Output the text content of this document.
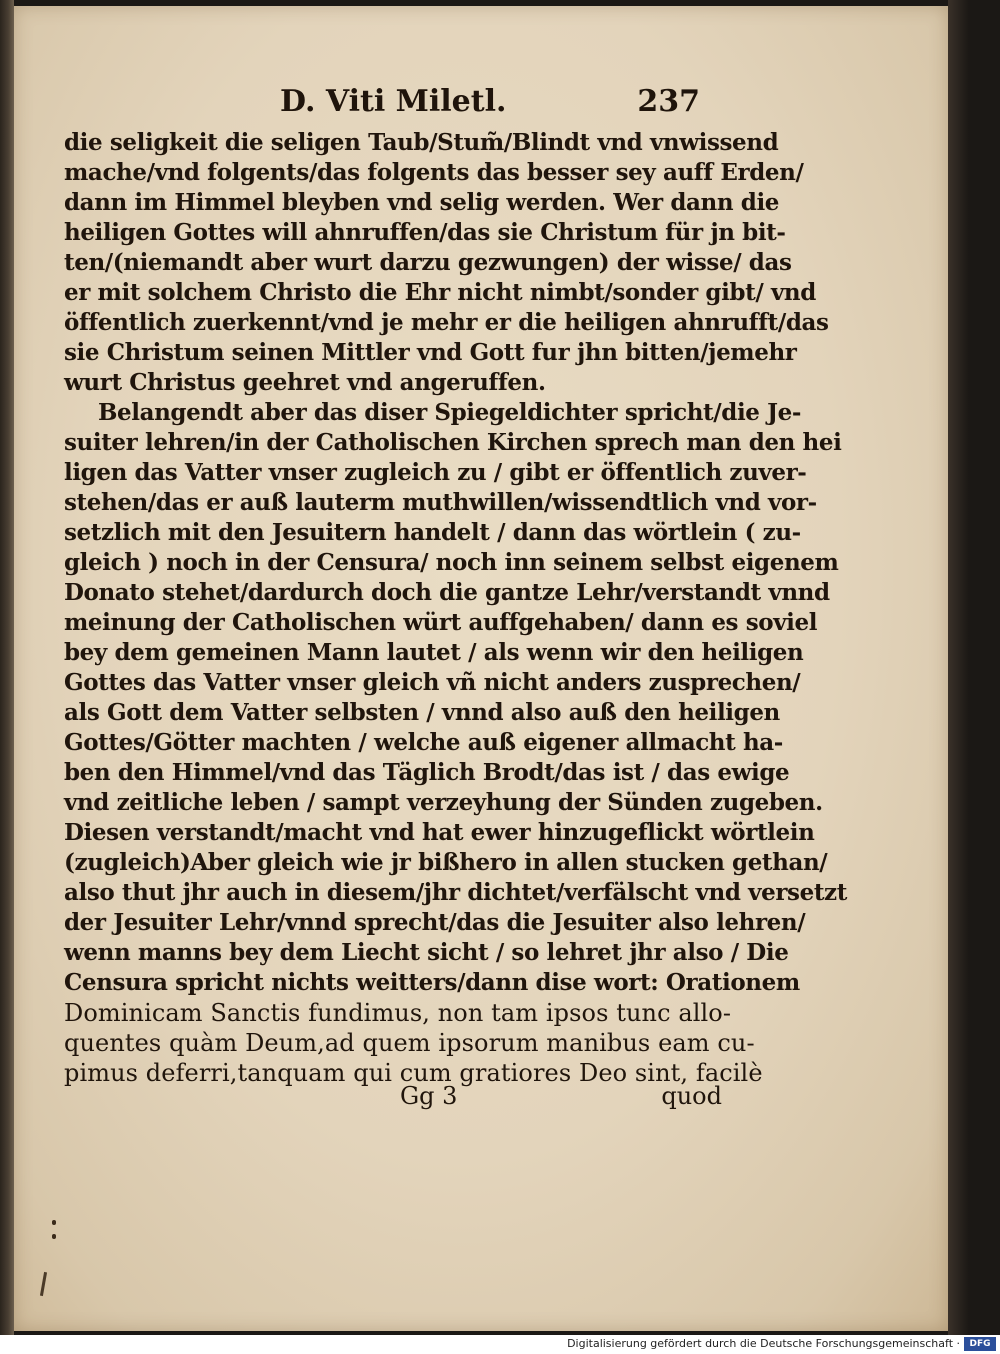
D. Viti Miletl.	237
die seligkeit die seligen Taub/Stum̃/Blindt vnd vnwissend
mache/vnd folgents/das folgents das besser sey auff Erden/
dann im Himmel bleyben vnd selig werden. Wer dann die
heiligen Gottes will ahnruffen/das sie Christum für jn bit-
ten/(niemandt aber wurt darzu gezwungen) der wisse/ das
er mit solchem Christo die Ehr nicht nimbt/sonder gibt/ vnd
öffentlich zuerkennt/vnd je mehr er die heiligen ahnrufft/das
sie Christum seinen Mittler vnd Gott fur jhn bitten/jemehr
wurt Christus geehret vnd angeruffen.
Belangendt aber das diser Spiegeldichter spricht/die Je-
suiter lehren/in der Catholischen Kirchen sprech man den hei
ligen das Vatter vnser zugleich zu / gibt er öffentlich zuver-
stehen/das er auß lauterm muthwillen/wissendtlich vnd vor-
setzlich mit den Jesuitern handelt / dann das wörtlein ( zu-
gleich ) noch in der Censura/ noch inn seinem selbst eigenem
Donato stehet/dardurch doch die gantze Lehr/verstandt vnnd
meinung der Catholischen würt auffgehaben/ dann es soviel
bey dem gemeinen Mann lautet / als wenn wir den heiligen
Gottes das Vatter vnser gleich vñ nicht anders zusprechen/
als Gott dem Vatter selbsten / vnnd also auß den heiligen
Gottes/Götter machten / welche auß eigener allmacht ha-
ben den Himmel/vnd das Täglich Brodt/das ist / das ewige
vnd zeitliche leben / sampt verzeyhung der Sünden zugeben.
Diesen verstandt/macht vnd hat ewer hinzugeflickt wörtlein
(zugleich)Aber gleich wie jr bißhero in allen stucken gethan/
also thut jhr auch in diesem/jhr dichtet/verfälscht vnd versetzt
der Jesuiter Lehr/vnnd sprecht/das die Jesuiter also lehren/
wenn manns bey dem Liecht sicht / so lehret jhr also / Die
Censura spricht nichts weitters/dann dise wort: Orationem
Dominicam Sanctis fundimus, non tam ipsos tunc allo-
quentes quàm Deum,ad quem ipsorum manibus eam cu-
pimus deferri,tanquam qui cum gratiores Deo sint, facilè
Gg 3	quod
Digitalisierung gefördert durch die Deutsche Forschungsgemeinschaft ·	DFG
